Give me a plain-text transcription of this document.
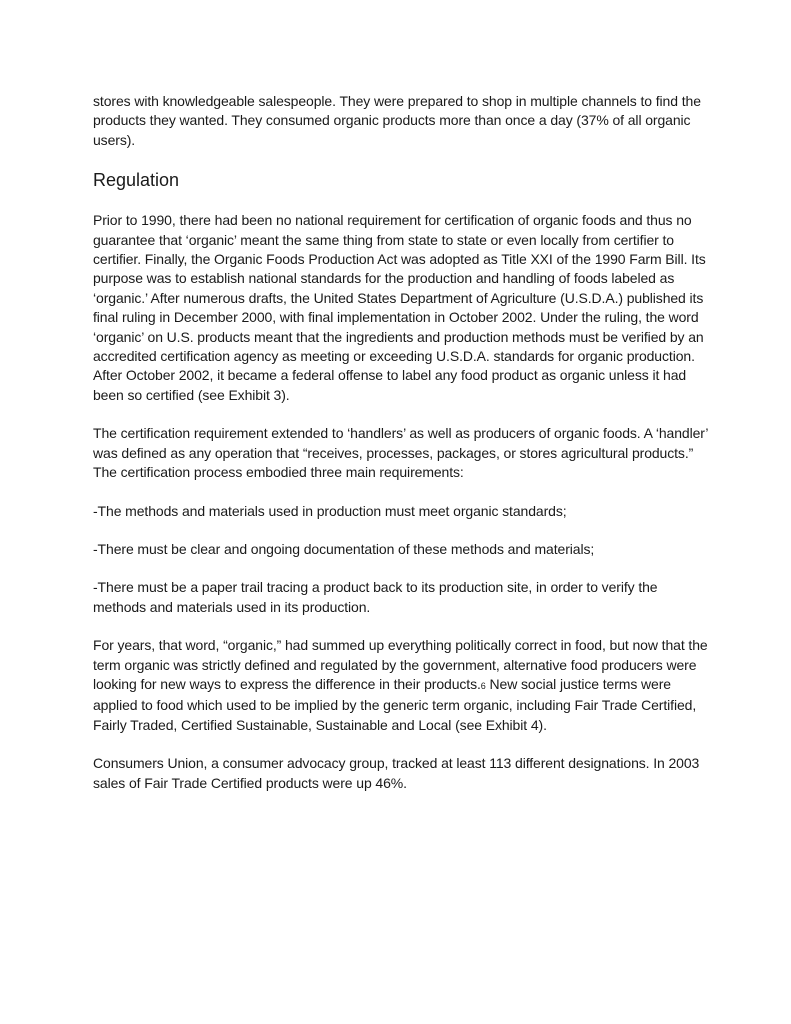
stores with knowledgeable salespeople. They were prepared to shop in multiple channels to find the products they wanted. They consumed organic products more than once a day (37% of all organic users).

Regulation

Prior to 1990, there had been no national requirement for certification of organic foods and thus no guarantee that ‘organic’ meant the same thing from state to state or even locally from certifier to certifier. Finally, the Organic Foods Production Act was adopted as Title XXI of the 1990 Farm Bill. Its purpose was to establish national standards for the production and handling of foods labeled as ‘organic.’ After numerous drafts, the United States Department of Agriculture (U.S.D.A.) published its final ruling in December 2000, with final implementation in October 2002. Under the ruling, the word ‘organic’ on U.S. products meant that the ingredients and production methods must be verified by an accredited certification agency as meeting or exceeding U.S.D.A. standards for organic production. After October 2002, it became a federal offense to label any food product as organic unless it had been so certified (see Exhibit 3).

The certification requirement extended to ‘handlers’ as well as producers of organic foods. A ‘handler’ was defined as any operation that “receives, processes, packages, or stores agricultural products.” The certification process embodied three main requirements:

-The methods and materials used in production must meet organic standards;

-There must be clear and ongoing documentation of these methods and materials;

-There must be a paper trail tracing a product back to its production site, in order to verify the methods and materials used in its production.

For years, that word, “organic,” had summed up everything politically correct in food, but now that the term organic was strictly defined and regulated by the government, alternative food producers were looking for new ways to express the difference in their products.6 New social justice terms were applied to food which used to be implied by the generic term organic, including Fair Trade Certified, Fairly Traded, Certified Sustainable, Sustainable and Local (see Exhibit 4).

Consumers Union, a consumer advocacy group, tracked at least 113 different designations. In 2003 sales of Fair Trade Certified products were up 46%.
